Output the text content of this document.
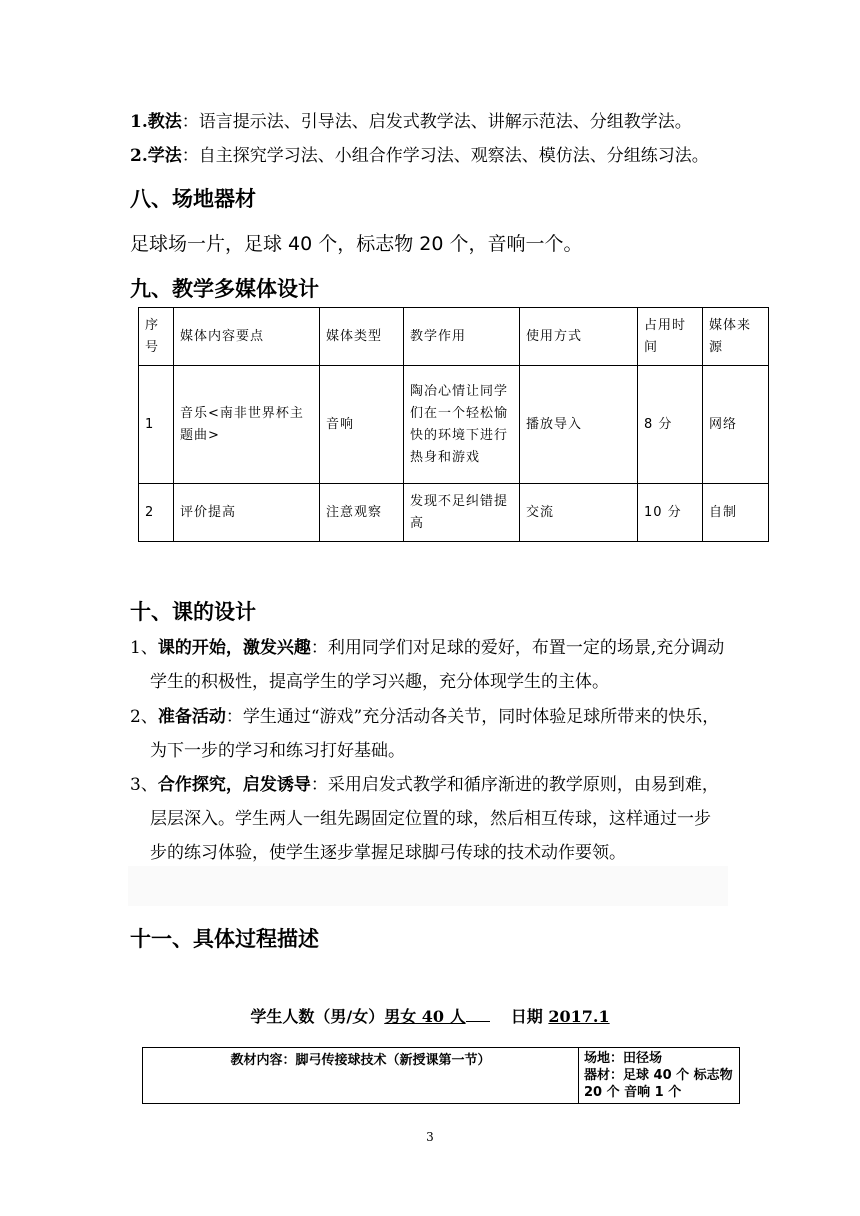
1.教法：语言提示法、引导法、启发式教学法、讲解示范法、分组教学法。
2.学法：自主探究学习法、小组合作学习法、观察法、模仿法、分组练习法。
八、场地器材
足球场一片，足球 40 个，标志物 20 个，音响一个。
九、教学多媒体设计
序号	媒体内容要点	媒体类型	教学作用	使用方式	占用时间	媒体来源
1	音乐<南非世界杯主题曲>	音响	陶冶心情让同学们在一个轻松愉快的环境下进行热身和游戏	播放导入	8 分	网络
2	评价提高	注意观察	发现不足纠错提高	交流	10 分	自制
十、课的设计
1、课的开始，激发兴趣：利用同学们对足球的爱好，布置一定的场景,充分调动
学生的积极性，提高学生的学习兴趣，充分体现学生的主体。
2、准备活动：学生通过“游戏”充分活动各关节，同时体验足球所带来的快乐，
为下一步的学习和练习打好基础。
3、合作探究，启发诱导：采用启发式教学和循序渐进的教学原则，由易到难，
层层深入。学生两人一组先踢固定位置的球，然后相互传球，这样通过一步
步的练习体验，使学生逐步掌握足球脚弓传球的技术动作要领。
十一、具体过程描述
学生人数（男/女）男女 40 人	日期 2017.1
教材内容：脚弓传接球技术（新授课第一节）	场地：田径场
器材：足球 40 个 标志物 20 个 音响 1 个
3
